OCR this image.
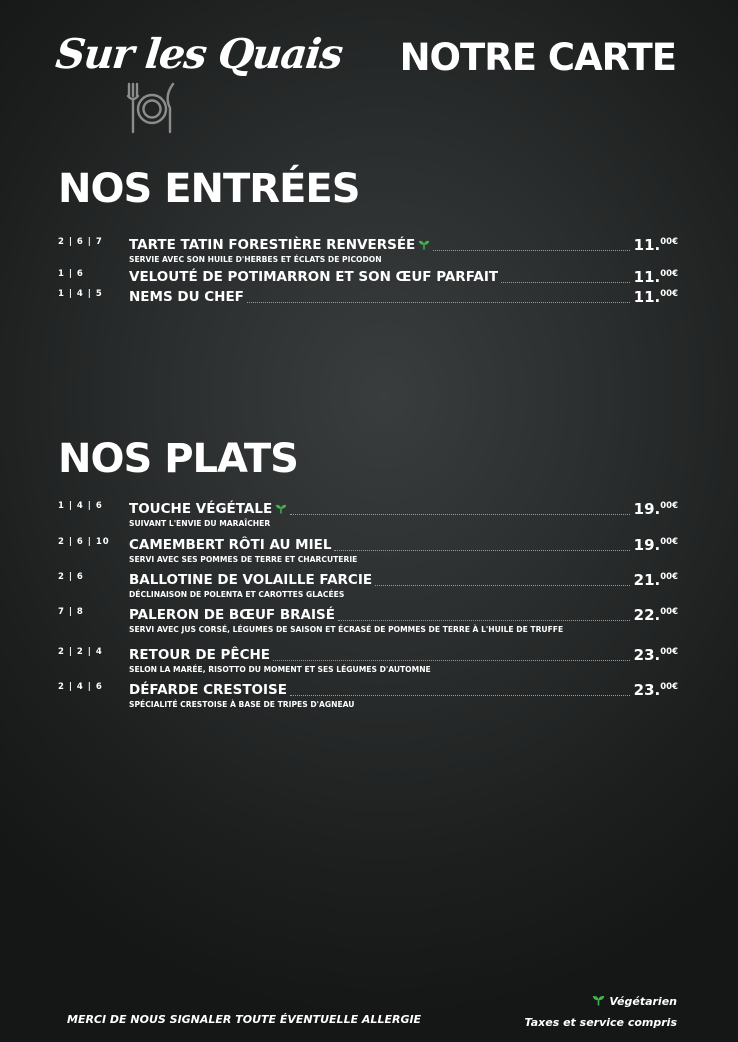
Sur les Quais NOTRE CARTE
NOS ENTRÉES
2 | 6 | 7 TARTE TATIN FORESTIÈRE RENVERSÉE	11.$^{00€}$
SERVIE AVEC SON HUILE D'HERBES ET ÉCLATS DE PICODON
1 | 6	VELOUTÉ DE POTIMARRON ET SON ŒUF PARFAIT	11.$^{00€}$
1 | 4 | 5 NEMS DU CHEF	11.$^{00€}$
NOS PLATS
1 | 4 | 6 TOUCHE VÉGÉTALE	19.$^{00€}$
SUIVANT L'ENVIE DU MARAÎCHER
2 | 6 | 10 CAMEMBERT RÔTI AU MIEL	19.$^{00€}$
SERVI AVEC SES POMMES DE TERRE ET CHARCUTERIE
2 | 6	BALLOTINE DE VOLAILLE FARCIE	21.$^{00€}$
DÉCLINAISON DE POLENTA ET CAROTTES GLACÉES
7 | 8	PALERON DE BŒUF BRAISÉ	22.$^{00€}$
SERVI AVEC JUS CORSÉ, LÉGUMES DE SAISON ET ÉCRASÉ DE POMMES DE TERRE À L'HUILE DE TRUFFE
2 | 2 | 4 RETOUR DE PÊCHE	23.$^{00€}$
SELON LA MARÉE, RISOTTO DU MOMENT ET SES LÉGUMES D'AUTOMNE
2 | 4 | 6 DÉFARDE CRESTOISE	23.$^{00€}$
SPÉCIALITÉ CRESTOISE À BASE DE TRIPES D'AGNEAU
MERCI DE NOUS SIGNALER TOUTE ÉVENTUELLE ALLERGIE
Végétarien
Taxes et service compris
